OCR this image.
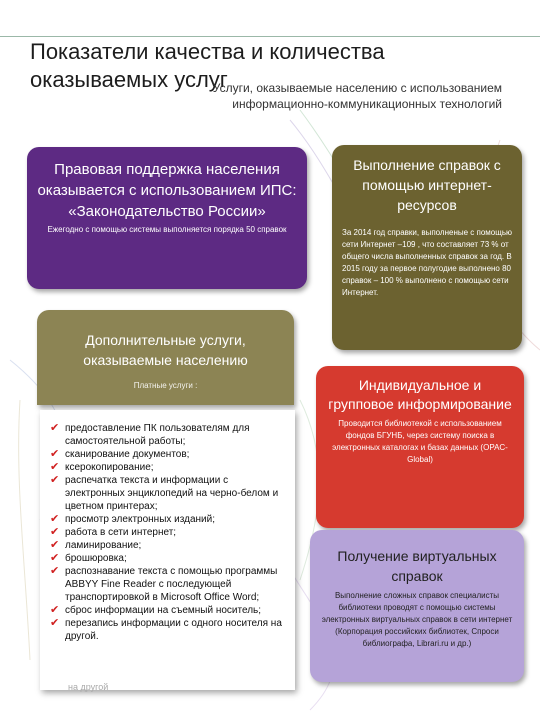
Показатели качества и количества оказываемых услуг
Услуги, оказываемые населению с использованием информационно-коммуникационных технологий
Правовая поддержка населения оказывается с использованием ИПС: «Законодательство России»

Ежегодно с помощью системы выполняется порядка 50 справок

Выполнение справок с помощью интернет-ресурсов

За 2014 год справки, выполненые с помощью сети Интернет –109 , что составляет 73 % от общего числа выполненных справок за год. В 2015 году за первое полугодие выполнено 80 справок – 100 % выполнено с помощью сети Интернет.

Дополнительные услуги, оказываемые населению

Платные услуги :

✔ предоставление ПК пользователям для самостоятельной работы;
✔ сканирование документов;
✔ ксерокопирование;
✔ распечатка текста и информации с электронных энциклопедий на черно-белом и цветном принтерах;
✔ просмотр электронных изданий;
✔ работа в сети интернет;
✔ ламинирование;
✔ брошюровка;
✔ распознавание текста с помощью программы ABBYY Fine Reader с последующей транспортировкой в Microsoft Office Word;
✔ сброс информации на съемный носитель;
✔ перезапись информации с одного носителя на другой.
на другой
Индивидуальное и групповое информирование

Проводится библиотекой с использованием фондов БГУНБ, через систему поиска в электронных каталогах и базах данных (OPAC-Global)

Получение виртуальных справок

Выполнение сложных справок специалисты библиотеки проводят с помощью системы электронных виртуальных справок в сети интернет (Корпорация российских библиотек, Спроси библиографа, Librari.ru и др.)
